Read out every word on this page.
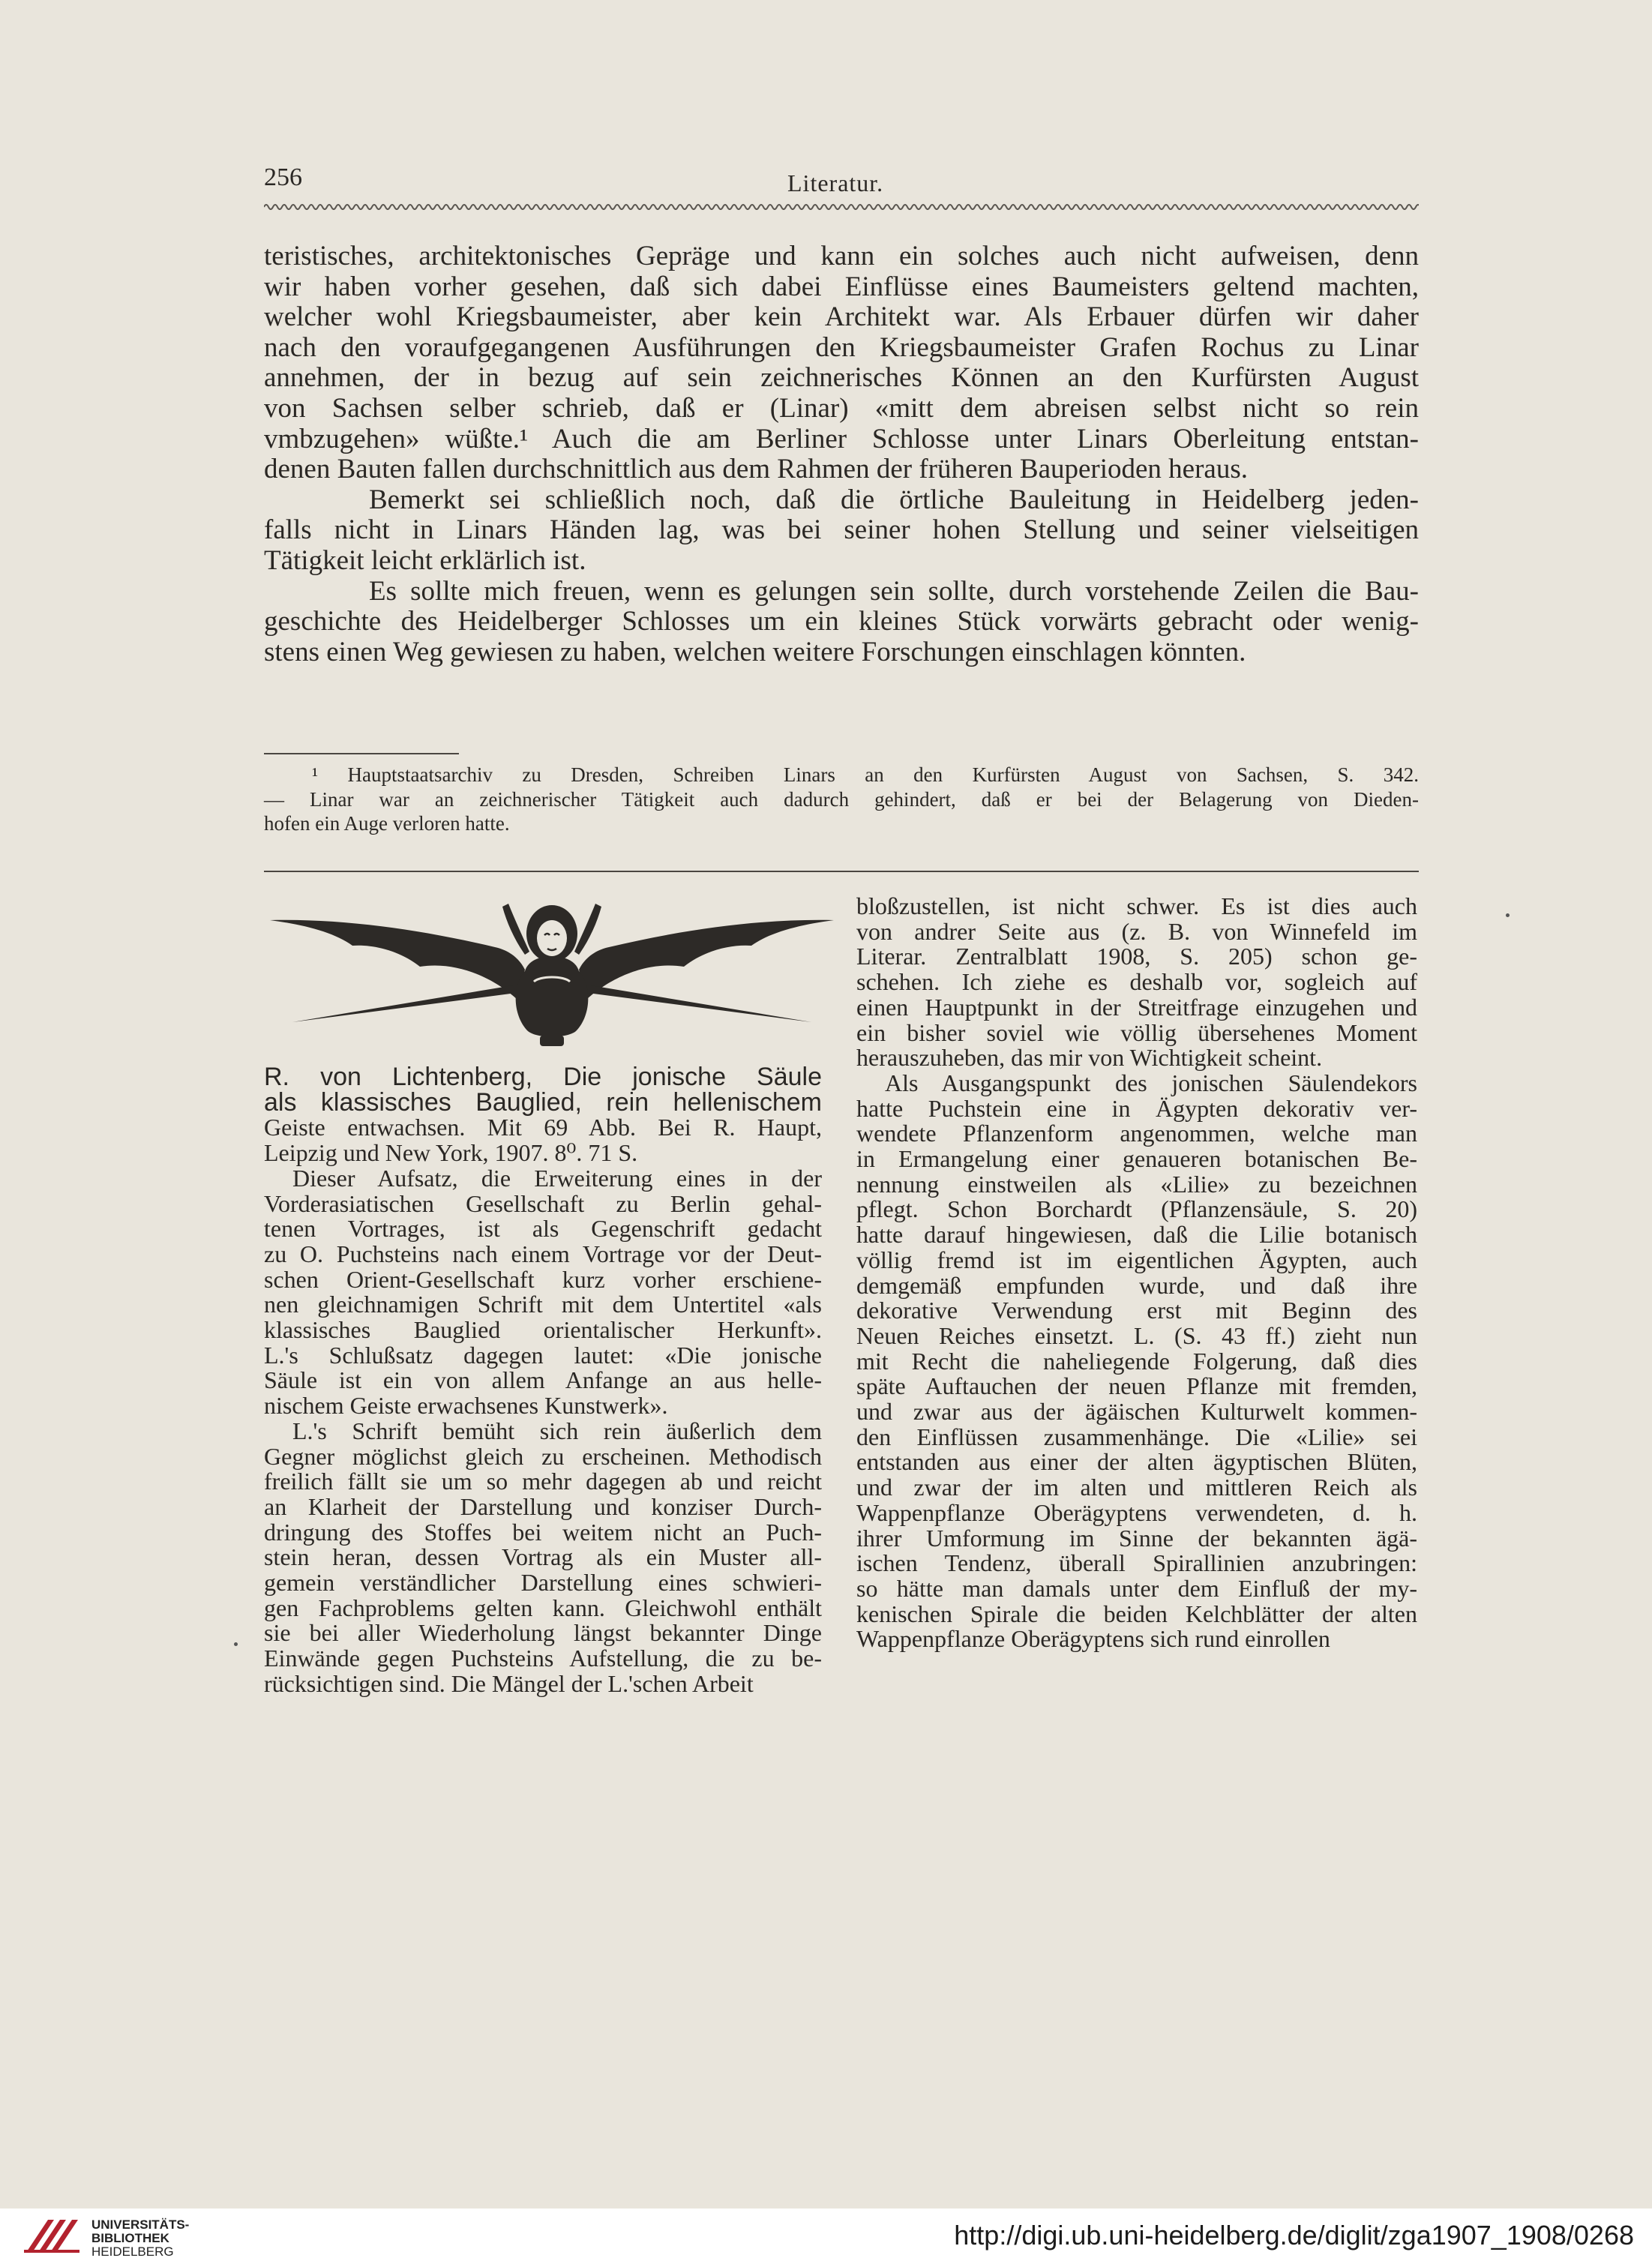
256	Literatur.
teristisches, architektonisches Gepräge und kann ein solches auch nicht aufweisen, denn
wir haben vorher gesehen, daß sich dabei Einflüsse eines Baumeisters geltend machten,
welcher wohl Kriegsbaumeister, aber kein Architekt war. Als Erbauer dürfen wir daher
nach den voraufgegangenen Ausführungen den Kriegsbaumeister Grafen Rochus zu Linar
annehmen, der in bezug auf sein zeichnerisches Können an den Kurfürsten August
von Sachsen selber schrieb, daß er (Linar) «mitt dem abreisen selbst nicht so rein
vmbzugehen» wüßte.¹ Auch die am Berliner Schlosse unter Linars Oberleitung entstan-
denen Bauten fallen durchschnittlich aus dem Rahmen der früheren Bauperioden heraus.
Bemerkt sei schließlich noch, daß die örtliche Bauleitung in Heidelberg jeden-
falls nicht in Linars Händen lag, was bei seiner hohen Stellung und seiner vielseitigen
Tätigkeit leicht erklärlich ist.
Es sollte mich freuen, wenn es gelungen sein sollte, durch vorstehende Zeilen die Bau-
geschichte des Heidelberger Schlosses um ein kleines Stück vorwärts gebracht oder wenig-
stens einen Weg gewiesen zu haben, welchen weitere Forschungen einschlagen könnten.
¹ Hauptstaatsarchiv zu Dresden, Schreiben Linars an den Kurfürsten August von Sachsen, S. 342.
— Linar war an zeichnerischer Tätigkeit auch dadurch gehindert, daß er bei der Belagerung von Dieden-
hofen ein Auge verloren hatte.
R. von Lichtenberg, Die jonische Säule
als klassisches Bauglied, rein hellenischem
Geiste entwachsen. Mit 69 Abb. Bei R. Haupt,
Leipzig und New York, 1907. 8⁰. 71 S.
Dieser Aufsatz, die Erweiterung eines in der
Vorderasiatischen Gesellschaft zu Berlin gehal-
tenen Vortrages, ist als Gegenschrift gedacht
zu O. Puchsteins nach einem Vortrage vor der Deut-
schen Orient-Gesellschaft kurz vorher erschiene-
nen gleichnamigen Schrift mit dem Untertitel «als
klassisches Bauglied orientalischer Herkunft».
L.'s Schlußsatz dagegen lautet: «Die jonische
Säule ist ein von allem Anfange an aus helle-
nischem Geiste erwachsenes Kunstwerk».
L.'s Schrift bemüht sich rein äußerlich dem
Gegner möglichst gleich zu erscheinen. Methodisch
freilich fällt sie um so mehr dagegen ab und reicht
an Klarheit der Darstellung und konziser Durch-
dringung des Stoffes bei weitem nicht an Puch-
stein heran, dessen Vortrag als ein Muster all-
gemein verständlicher Darstellung eines schwieri-
gen Fachproblems gelten kann. Gleichwohl enthält
sie bei aller Wiederholung längst bekannter Dinge
Einwände gegen Puchsteins Aufstellung, die zu be-
rücksichtigen sind. Die Mängel der L.'schen Arbeit
bloßzustellen, ist nicht schwer. Es ist dies auch
von andrer Seite aus (z. B. von Winnefeld im
Literar. Zentralblatt 1908, S. 205) schon ge-
schehen. Ich ziehe es deshalb vor, sogleich auf
einen Hauptpunkt in der Streitfrage einzugehen und
ein bisher soviel wie völlig übersehenes Moment
herauszuheben, das mir von Wichtigkeit scheint.
Als Ausgangspunkt des jonischen Säulendekors
hatte Puchstein eine in Ägypten dekorativ ver-
wendete Pflanzenform angenommen, welche man
in Ermangelung einer genaueren botanischen Be-
nennung einstweilen als «Lilie» zu bezeichnen
pflegt. Schon Borchardt (Pflanzensäule, S. 20)
hatte darauf hingewiesen, daß die Lilie botanisch
völlig fremd ist im eigentlichen Ägypten, auch
demgemäß empfunden wurde, und daß ihre
dekorative Verwendung erst mit Beginn des
Neuen Reiches einsetzt. L. (S. 43 ff.) zieht nun
mit Recht die naheliegende Folgerung, daß dies
späte Auftauchen der neuen Pflanze mit fremden,
und zwar aus der ägäischen Kulturwelt kommen-
den Einflüssen zusammenhänge. Die «Lilie» sei
entstanden aus einer der alten ägyptischen Blüten,
und zwar der im alten und mittleren Reich als
Wappenpflanze Oberägyptens verwendeten, d. h.
ihrer Umformung im Sinne der bekannten ägä-
ischen Tendenz, überall Spirallinien anzubringen:
so hätte man damals unter dem Einfluß der my-
kenischen Spirale die beiden Kelchblätter der alten
Wappenpflanze Oberägyptens sich rund einrollen
UNIVERSITÄTS-
BIBLIOTHEK
HEIDELBERG
http://digi.ub.uni-heidelberg.de/diglit/zga1907_1908/0268
